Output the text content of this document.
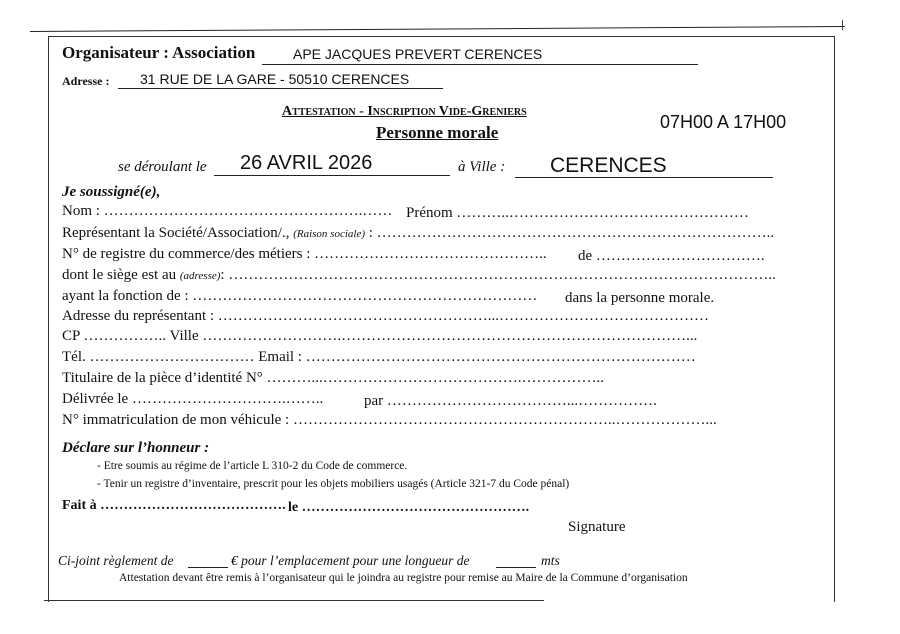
Organisateur : Association	APE JACQUES PREVERT CERENCES
Adresse : 31 RUE DE LA GARE - 50510 CERENCES
Attestation - Inscription Vide-Greniers
Personne morale
07H00 A 17H00
se déroulant le 26 AVRIL 2026	à Ville : CERENCES
Je soussigné(e),
Nom : …………………………………………….…… Prénom ………..…………………………………………
Représentant la Société/Association/., (Raison sociale) : ……………………………………………………………………..
N° de registre du commerce/des métiers : ……………………………………….. de …………………………….
dont le siège est au (adresse): ………………………………………………………………………………………………..
ayant la fonction de : …………………………………………………………… dans la personne morale.
Adresse du représentant : ………………………………………………...……………………………………
CP …………….. Ville ……………………….……………………………………………………………...
Tél. …………………………… Email : ……………………………………………………………………
Titulaire de la pièce d’identité N° ………...………………………………….……………..
Délivrée le ………………………….……..	par ………………………………...…………….
N° immatriculation de mon véhicule : ………………………………………………………..………………...
Déclare sur l’honneur :
- Etre soumis au régime de l’article L 310-2 du Code de commerce.
- Tenir un registre d’inventaire, prescrit pour les objets mobiliers usagés (Article 321-7 du Code pénal)
Fait à …………………………………. le ………………………………………….
Signature
Ci-joint règlement de	€ pour l’emplacement pour une longueur de	mts
Attestation devant être remis à l’organisateur qui le joindra au registre pour remise au Maire de la Commune d’organisation
